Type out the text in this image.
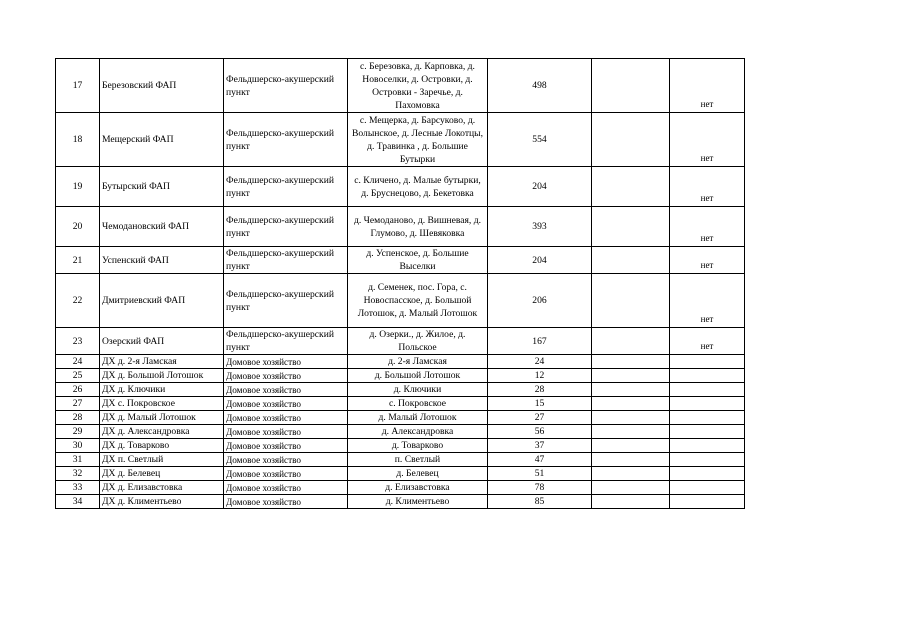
17	Березовский ФАП	Фельдшерско-акушерский пункт	с. Березовка, д. Карповка, д. Новоселки, д. Островки, д. Островки - Заречье, д. Пахомовка	498		нет
18	Мещерский ФАП	Фельдшерско-акушерский пункт	с. Мещерка, д. Барсуково, д. Волынское, д. Лесные Локотцы, д. Травинка , д. Большие Бутырки	554		нет
19	Бутырский ФАП	Фельдшерско-акушерский пункт	с. Кличено, д. Малые бутырки, д. Бруснецово, д. Бекетовка	204		нет
20	Чемодановский ФАП	Фельдшерско-акушерский пункт	д. Чемоданово, д. Вишневая, д. Глумово, д. Шевяковка	393		нет
21	Успенский ФАП	Фельдшерско-акушерский пункт	д. Успенское, д. Большие Выселки	204		нет
22	Дмитриевский ФАП	Фельдшерско-акушерский пункт	д. Семенек, пос. Гора, с. Новоспасское, д. Большой Лотошок, д. Малый Лотошок	206		нет
23	Озерский ФАП	Фельдшерско-акушерский пункт	д. Озерки., д. Жилое, д. Польское	167		нет
24	ДХ д. 2-я Ламская	Домовое хозяйство	д. 2-я Ламская	24		
25	ДХ д. Большой Лотошок	Домовое хозяйство	д. Большой Лотошок	12		
26	ДХ д. Ключики	Домовое хозяйство	д. Ключики	28		
27	ДХ с. Покровское	Домовое хозяйство	с. Покровское	15		
28	ДХ д. Малый Лотошок	Домовое хозяйство	д. Малый Лотошок	27		
29	ДХ д. Александровка	Домовое хозяйство	д. Александровка	56		
30	ДХ д. Товарково	Домовое хозяйство	д. Товарково	37		
31	ДХ п. Светлый	Домовое хозяйство	п. Светлый	47		
32	ДХ д. Белевец	Домовое хозяйство	д. Белевец	51		
33	ДХ д. Елизавстовка	Домовое хозяйство	д. Елизавстовка	78		
34	ДХ д. Климентьево	Домовое хозяйство	д. Климентьево	85		
